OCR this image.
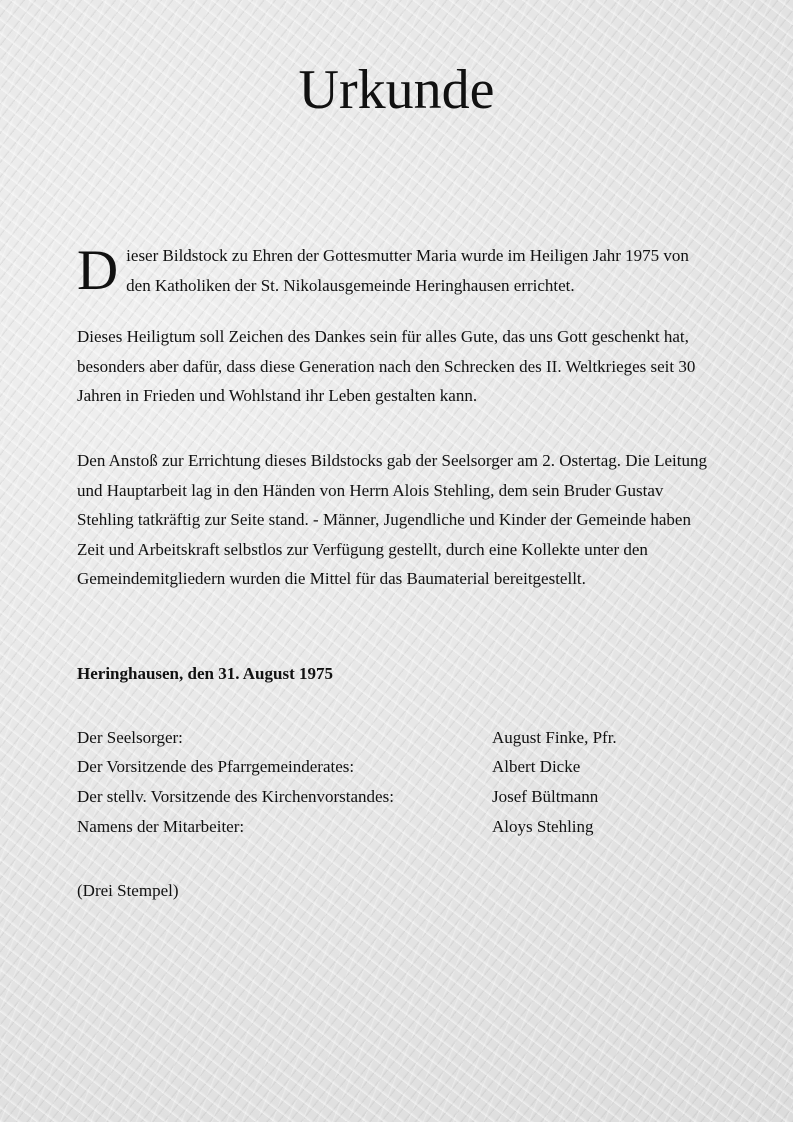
Urkunde

Dieser Bildstock zu Ehren der Gottesmutter Maria wurde im Heiligen Jahr 1975 von den Katholiken der St. Nikolausgemeinde Heringhausen errichtet.

Dieses Heiligtum soll Zeichen des Dankes sein für alles Gute, das uns Gott geschenkt hat, besonders aber dafür, dass diese Generation nach den Schrecken des II. Weltkrieges seit 30 Jahren in Frieden und Wohlstand ihr Leben gestalten kann.

Den Anstoß zur Errichtung dieses Bildstocks gab der Seelsorger am 2. Ostertag. Die Leitung und Hauptarbeit lag in den Händen von Herrn Alois Stehling, dem sein Bruder Gustav Stehling tatkräftig zur Seite stand. - Männer, Jugendliche und Kinder der Gemeinde haben Zeit und Arbeitskraft selbstlos zur Verfügung gestellt, durch eine Kollekte unter den Gemeindemitgliedern wurden die Mittel für das Baumaterial bereitgestellt.

Heringhausen, den 31. August 1975

Der Seelsorger:	August Finke, Pfr.
Der Vorsitzende des Pfarrgemeinderates:	Albert Dicke
Der stellv. Vorsitzende des Kirchenvorstandes:	Josef Bültmann
Namens der Mitarbeiter:	Aloys Stehling

(Drei Stempel)
